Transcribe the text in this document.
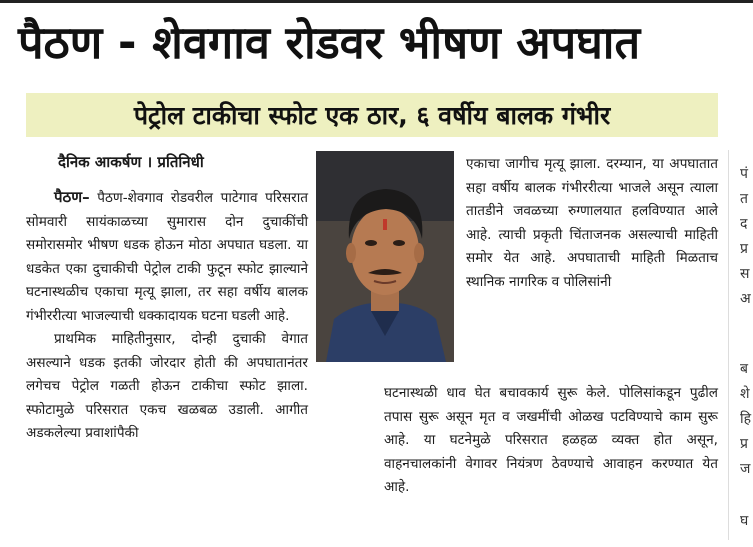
पैठण - शेवगाव रोडवर भीषण अपघात
पेट्रोल टाकीचा स्फोट एक ठार, ६ वर्षीय बालक गंभीर
दैनिक आकर्षण । प्रतिनिधी

पैठण– पैठण-शेवगाव रोडवरील पाटेगाव परिसरात सोमवारी सायंकाळच्या सुमारास दोन दुचाकींची समोरासमोर भीषण धडक होऊन मोठा अपघात घडला. या धडकेत एका दुचाकीची पेट्रोल टाकी फुटून स्फोट झाल्याने घटनास्थळीच एकाचा मृत्यू झाला, तर सहा वर्षीय बालक गंभीररीत्या भाजल्याची धक्कादायक घटना घडली आहे.

प्राथमिक माहितीनुसार, दोन्ही दुचाकी वेगात असल्याने धडक इतकी जोरदार होती की अपघातानंतर लगेचच पेट्रोल गळती होऊन टाकीचा स्फोट झाला. स्फोटामुळे परिसरात एकच खळबळ उडाली. आगीत अडकलेल्या प्रवाशांपैकी

एकाचा जागीच मृत्यू झाला. दरम्यान, या अपघातात सहा वर्षीय बालक गंभीररीत्या भाजले असून त्याला तातडीने जवळच्या रुग्णालयात हलविण्यात आले आहे. त्याची प्रकृती चिंताजनक असल्याची माहिती समोर येत आहे. अपघाताची माहिती मिळताच स्थानिक नागरिक व पोलिसांनी
घटनास्थळी धाव घेत बचावकार्य सुरू केले. पोलिसांकडून पुढील तपास सुरू असून मृत व जखमींची ओळख पटविण्याचे काम सुरू आहे. या घटनेमुळे परिसरात हळहळ व्यक्त होत असून, वाहनचालकांनी वेगावर नियंत्रण ठेवण्याचे आवाहन करण्यात येत आहे.
पं
त
द
प्र
स
अ
ब
शे
हि
प्र
ज
घ
